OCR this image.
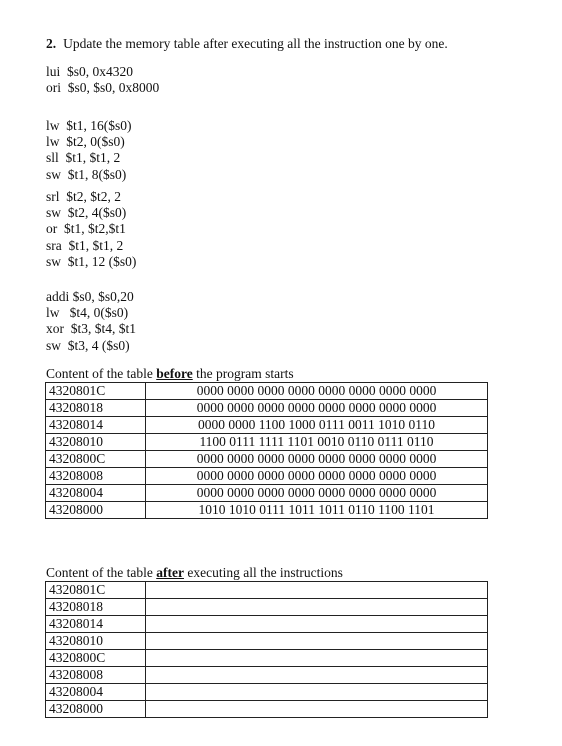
2. Update the memory table after executing all the instruction one by one.
lui  $s0, 0x4320
ori  $s0, $s0, 0x8000
lw  $t1, 16($s0)
lw  $t2, 0($s0)
sll  $t1, $t1, 2
sw  $t1, 8($s0)
srl  $t2, $t2, 2
sw  $t2, 4($s0)
or  $t1, $t2,$t1
sra  $t1, $t1, 2
sw  $t1, 12 ($s0)
addi $s0, $s0,20
lw   $t4, 0($s0)
xor  $t3, $t4, $t1
sw  $t3, 4 ($s0)
Content of the table before the program starts
4320801C	0000 0000 0000 0000 0000 0000 0000 0000
43208018	0000 0000 0000 0000 0000 0000 0000 0000
43208014	0000 0000 1100 1000 0111 0011 1010 0110
43208010	1100 0111 1111 1101 0010 0110 0111 0110
4320800C	0000 0000 0000 0000 0000 0000 0000 0000
43208008	0000 0000 0000 0000 0000 0000 0000 0000
43208004	0000 0000 0000 0000 0000 0000 0000 0000
43208000	1010 1010 0111 1011 1011 0110 1100 1101
Content of the table after executing all the instructions
4320801C	
43208018	
43208014	
43208010	
4320800C	
43208008	
43208004	
43208000	
